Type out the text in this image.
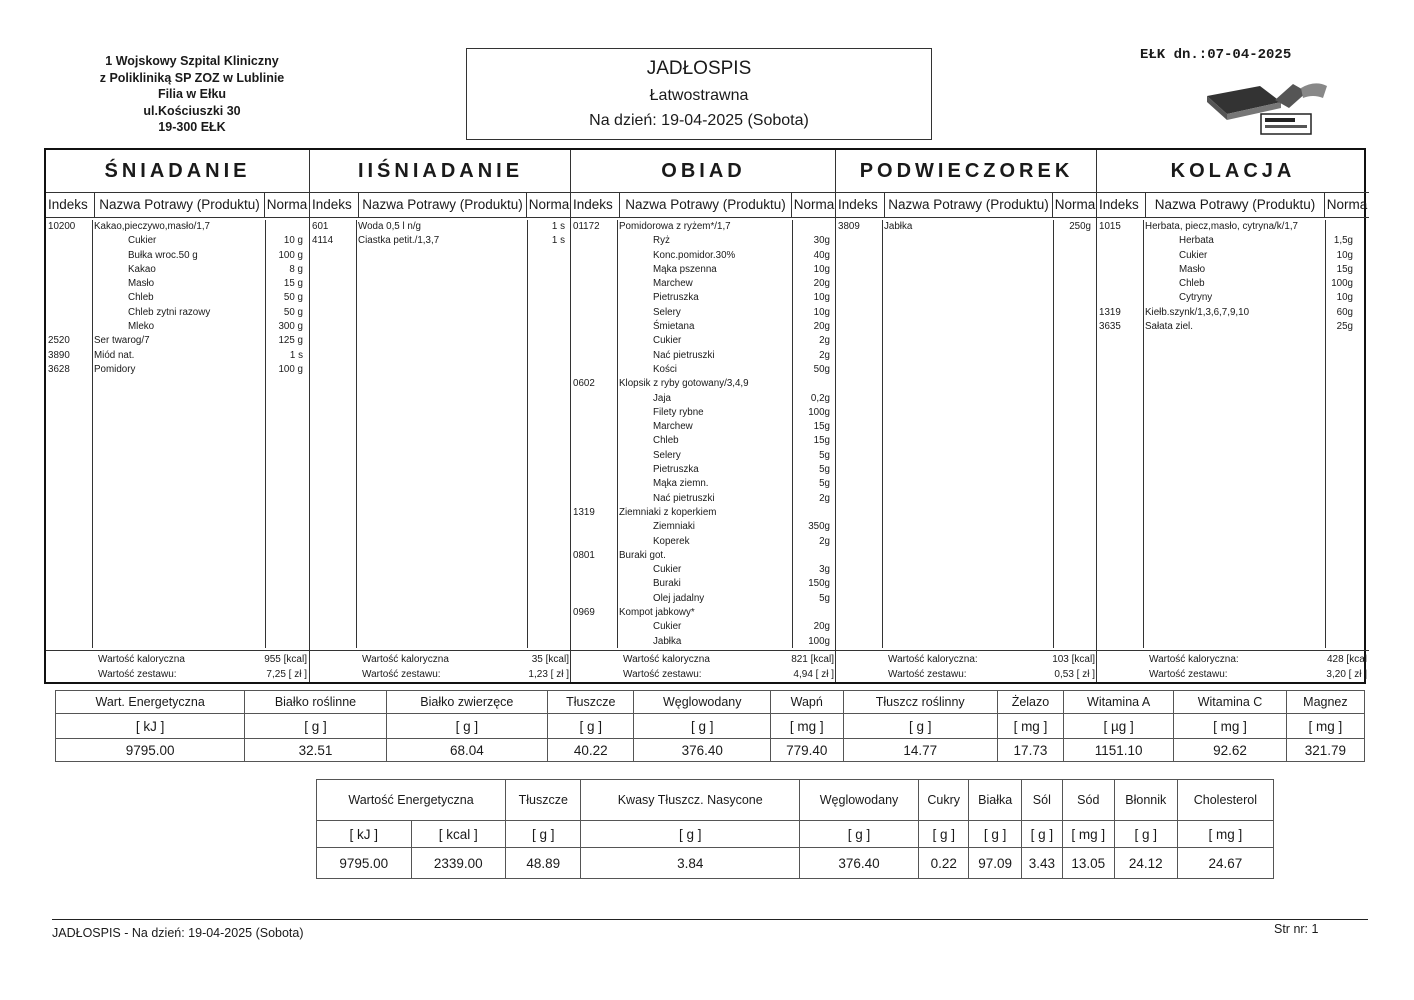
1 Wojskowy Szpital Kliniczny
z Polikliniką SP ZOZ w Lublinie
Filia w Ełku
ul.Kościuszki 30
19-300 EŁK
JADŁOSPIS
Łatwostrawna
Na dzień: 19-04-2025 (Sobota)
EŁK dn.:07-04-2025
ŚNIADANIE
Indeks Nazwa Potrawy (Produktu) Norma
10200 Kakao,pieczywo,masło/1,7
Cukier	10 g
Bułka wroc.50 g	100 g
Kakao	8 g
Masło	15 g
Chleb	50 g
Chleb zytni razowy	50 g
Mleko	300 g
2520 Ser twarog/7	125 g
3890 Miód nat.	1 s
3628 Pomidory	100 g
Wartość kaloryczna	955 [kcal]
Wartość zestawu:	7,25 [ zł ]
IIŚNIADANIE
Indeks Nazwa Potrawy (Produktu) Norma
601	Woda 0,5 l n/g	1 s
4114	Ciastka petit./1,3,7	1 s
Wartość kaloryczna	35 [kcal]
Wartość zestawu:	1,23 [ zł ]
OBIAD
Indeks Nazwa Potrawy (Produktu) Norma
01172 Pomidorowa z ryżem*/1,7
Ryż	30g
Konc.pomidor.30%	40g
Mąka pszenna	10g
Marchew	20g
Pietruszka	10g
Selery	10g
Śmietana	20g
Cukier	2g
Nać pietruszki	2g
Kości	50g
0602 Klopsik z ryby gotowany/3,4,9
Jaja	0,2g
Filety rybne	100g
Marchew	15g
Chleb	15g
Selery	5g
Pietruszka	5g
Mąka ziemn.	5g
Nać pietruszki	2g
1319 Ziemniaki z koperkiem
Ziemniaki	350g
Koperek	2g
0801 Buraki got.
Cukier	3g
Buraki	150g
Olej jadalny	5g
0969 Kompot jabkowy*
Cukier	20g
Jabłka	100g
Wartość kaloryczna	821 [kcal]
Wartość zestawu:	4,94 [ zł ]
PODWIECZOREK
Indeks Nazwa Potrawy (Produktu) Norma
3809 Jabłka	250g
Wartość kaloryczna:	103 [kcal]
Wartość zestawu:	0,53 [ zł ]
KOLACJA
Indeks	Nazwa Potrawy (Produktu) Norma
1015 Herbata, piecz,masło, cytryna/k/1,7
Herbata	1,5g
Cukier	10g
Masło	15g
Chleb	100g
Cytryny	10g
1319 Kiełb.szynk/1,3,6,7,9,10	60g
3635 Sałata ziel.	25g
Wartość kaloryczna:	428 [kcal
Wartość zestawu:	3,20 [ zł ]
Wart. Energetyczna	Białko roślinne	Białko zwierzęce	Tłuszcze	Węglowodany	Wapń	Tłuszcz roślinny	Żelazo	Witamina A	Witamina C	Magnez
[ kJ ]	[ g ]	[ g ]	[ g ]	[ g ]	[ mg ]	[ g ]	[ mg ]	[ µg ]	[ mg ]	[ mg ]
9795.00	32.51	68.04	40.22	376.40	779.40	14.77	17.73	1151.10	92.62	321.79
Wartość Energetyczna		Tłuszcze	Kwasy Tłuszcz. Nasycone	Węglowodany	Cukry	Białka	Sól	Sód	Błonnik	Cholesterol
[ kJ ]	[ kcal ]	[ g ]	[ g ]	[ g ]	[ g ]	[ g ]	[ g ]	[ mg ]	[ g ]	[ mg ]
9795.00	2339.00	48.89	3.84	376.40	0.22	97.09	3.43	13.05	24.12	24.67
JADŁOSPIS - Na dzień: 19-04-2025 (Sobota)	Str nr: 1
